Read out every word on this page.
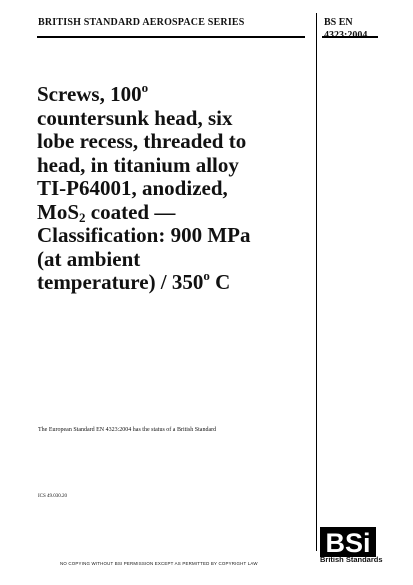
BRITISH STANDARD AEROSPACE SERIES	BS EN
4323:2004
Screws, 100$^o$
countersunk head, six
lobe recess, threaded to
head, in titanium alloy
TI-P64001, anodized,
MoS$_2$ coated —
Classification: 900 MPa
(at ambient
temperature) / 350$^o$ C
The European Standard EN 4323:2004 has the status of a British Standard
ICS 49.030.20
BSi
British Standards
NO COPYING WITHOUT BSI PERMISSION EXCEPT AS PERMITTED BY COPYRIGHT LAW
